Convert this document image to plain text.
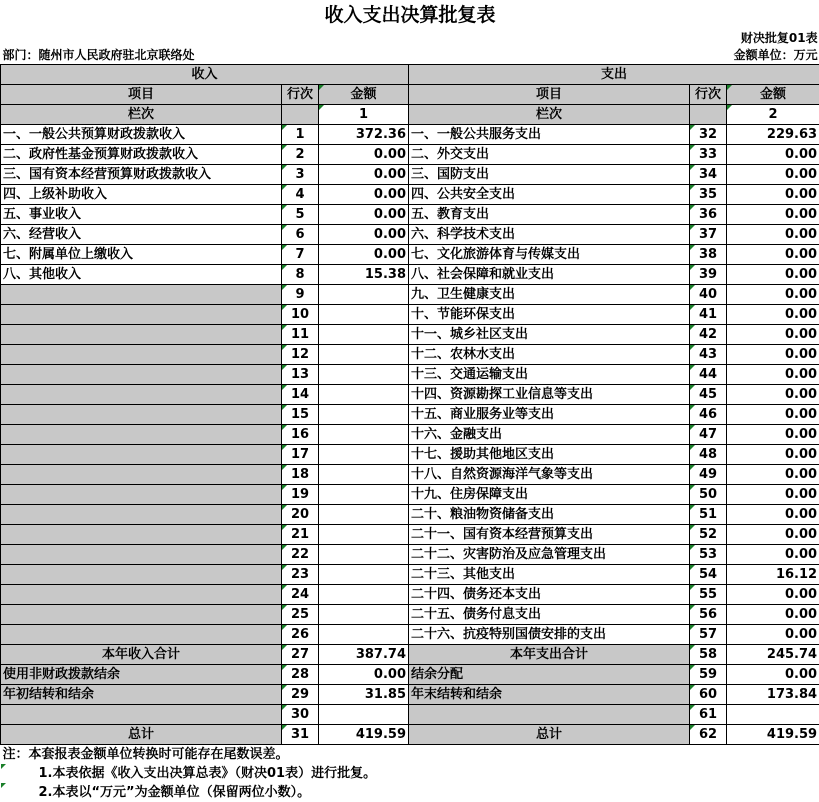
收入支出决算批复表					
财决批复01表					
部门：随州市人民政府驻北京联络处			金额单位：万元		
收入			支出		
项目	行次	金额	项目	行次	金额
栏次		1	栏次		2
一、一般公共预算财政拨款收入	1	372.36	一、一般公共服务支出	32	229.63
二、政府性基金预算财政拨款收入	2	0.00	二、外交支出	33	0.00
三、国有资本经营预算财政拨款收入	3	0.00	三、国防支出	34	0.00
四、上级补助收入	4	0.00	四、公共安全支出	35	0.00
五、事业收入	5	0.00	五、教育支出	36	0.00
六、经营收入	6	0.00	六、科学技术支出	37	0.00
七、附属单位上缴收入	7	0.00	七、文化旅游体育与传媒支出	38	0.00
八、其他收入	8	15.38	八、社会保障和就业支出	39	0.00
	9		九、卫生健康支出	40	0.00
	10		十、节能环保支出	41	0.00
	11		十一、城乡社区支出	42	0.00
	12		十二、农林水支出	43	0.00
	13		十三、交通运输支出	44	0.00
	14		十四、资源勘探工业信息等支出	45	0.00
	15		十五、商业服务业等支出	46	0.00
	16		十六、金融支出	47	0.00
	17		十七、援助其他地区支出	48	0.00
	18		十八、自然资源海洋气象等支出	49	0.00
	19		十九、住房保障支出	50	0.00
	20		二十、粮油物资储备支出	51	0.00
	21		二十一、国有资本经营预算支出	52	0.00
	22		二十二、灾害防治及应急管理支出	53	0.00
	23		二十三、其他支出	54	16.12
	24		二十四、债务还本支出	55	0.00
	25		二十五、债务付息支出	56	0.00
	26		二十六、抗疫特别国债安排的支出	57	0.00
本年收入合计	27	387.74	本年支出合计	58	245.74
使用非财政拨款结余	28	0.00	结余分配	59	0.00
年初结转和结余	29	31.85	年末结转和结余	60	173.84
	30			61	
总计	31	419.59	总计	62	419.59
注：本套报表金额单位转换时可能存在尾数误差。					
1.本表依据《收入支出决算总表》（财决01表）进行批复。					
2.本表以“万元”为金额单位（保留两位小数）。					
